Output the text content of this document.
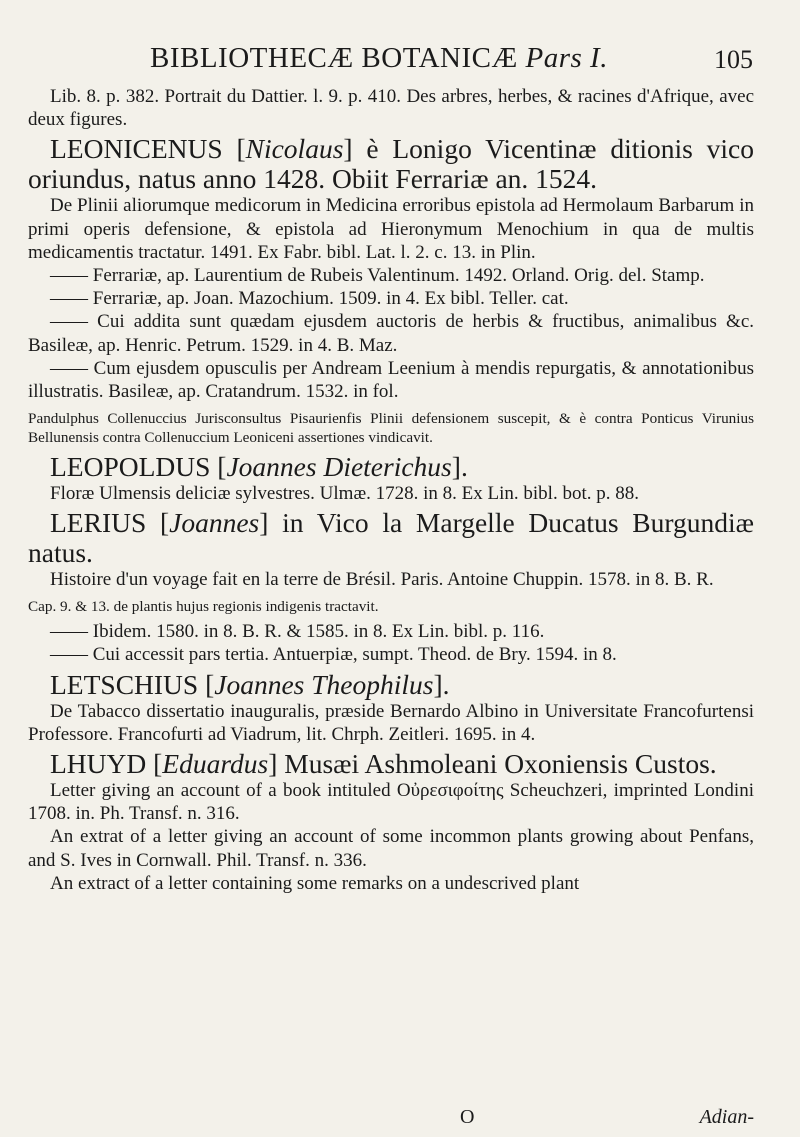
BIBLIOTHECÆ BOTANICÆ Pars I.	105

Lib. 8. p. 382. Portrait du Dattier. l. 9. p. 410. Des arbres, herbes, & racines d'Afrique, avec deux figures.

LEONICENUS [Nicolaus] è Lonigo Vicentinæ ditionis vico oriundus, natus anno 1428. Obiit Ferrariæ an. 1524.

De Plinii aliorumque medicorum in Medicina erroribus epistola ad Hermolaum Barbarum in primi operis defensione, & epistola ad Hieronymum Menochium in qua de multis medicamentis tractatur. 1491. Ex Fabr. bibl. Lat. l. 2. c. 13. in Plin.

—— Ferrariæ, ap. Laurentium de Rubeis Valentinum. 1492. Orland. Orig. del. Stamp.

—— Ferrariæ, ap. Joan. Mazochium. 1509. in 4. Ex bibl. Teller. cat.

—— Cui addita sunt quædam ejusdem auctoris de herbis & fructibus, animalibus &c. Basileæ, ap. Henric. Petrum. 1529. in 4. B. Maz.

—— Cum ejusdem opusculis per Andream Leenium à mendis repurgatis, & annotationibus illustratis. Basileæ, ap. Cratandrum. 1532. in fol.

Pandulphus Collenuccius Jurisconsultus Pisaurienfis Plinii defensionem suscepit, & è contra Ponticus Virunius Bellunensis contra Collenuccium Leoniceni assertiones vindicavit.

LEOPOLDUS [Joannes Dieterichus].

Floræ Ulmensis deliciæ sylvestres. Ulmæ. 1728. in 8. Ex Lin. bibl. bot. p. 88.

LERIUS [Joannes] in Vico la Margelle Ducatus Burgundiæ natus.

Histoire d'un voyage fait en la terre de Brésil. Paris. Antoine Chuppin. 1578. in 8. B. R.

Cap. 9. & 13. de plantis hujus regionis indigenis tractavit.

—— Ibidem. 1580. in 8. B. R. & 1585. in 8. Ex Lin. bibl. p. 116.

—— Cui accessit pars tertia. Antuerpiæ, sumpt. Theod. de Bry. 1594. in 8.

LETSCHIUS [Joannes Theophilus].

De Tabacco dissertatio inauguralis, præside Bernardo Albino in Universitate Francofurtensi Professore. Francofurti ad Viadrum, lit. Chrph. Zeitleri. 1695. in 4.

LHUYD [Eduardus] Musæi Ashmoleani Oxoniensis Custos.

Letter giving an account of a book intituled Οὐρεσιφοίτης Scheuchzeri, imprinted Londini 1708. in. Ph. Transf. n. 316.

An extrat of a letter giving an account of some incommon plants growing about Penfans, and S. Ives in Cornwall. Phil. Transf. n. 336.

An extract of a letter containing some remarks on a undescrived plant

O	Adian-
